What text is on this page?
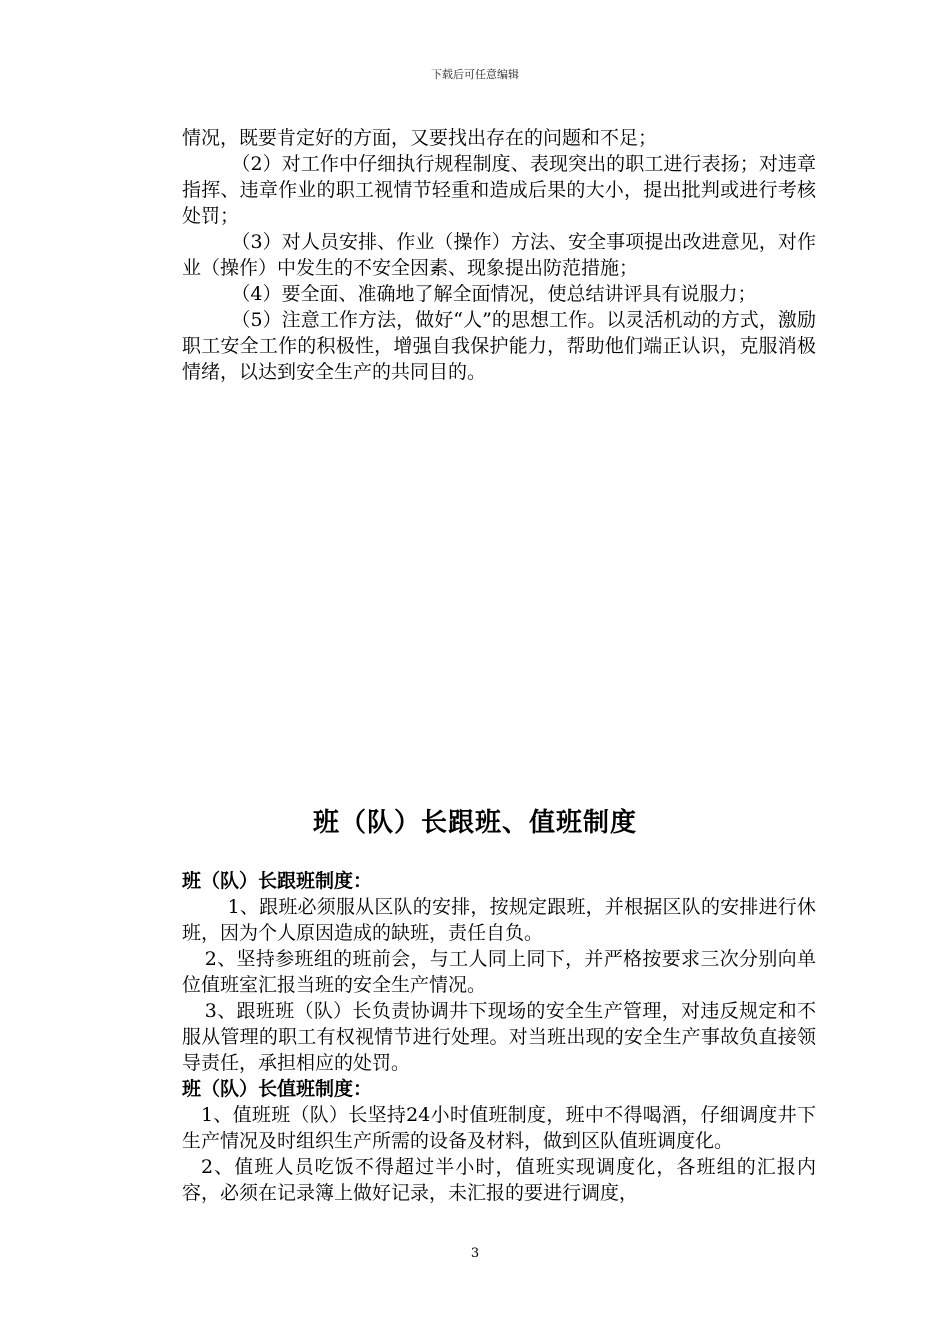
下载后可任意编辑

情况，既要肯定好的方面，又要找出存在的问题和不足；

（2）对工作中仔细执行规程制度、表现突出的职工进行表扬；对违章指挥、违章作业的职工视情节轻重和造成后果的大小，提出批判或进行考核处罚；

（3）对人员安排、作业（操作）方法、安全事项提出改进意见，对作业（操作）中发生的不安全因素、现象提出防范措施；

（4）要全面、准确地了解全面情况，使总结讲评具有说服力；

（5）注意工作方法，做好“人”的思想工作。以灵活机动的方式，激励职工安全工作的积极性，增强自我保护能力，帮助他们端正认识，克服消极情绪，以达到安全生产的共同目的。

班（队）长跟班、值班制度

班（队）长跟班制度：

1、跟班必须服从区队的安排，按规定跟班，并根据区队的安排进行休班，因为个人原因造成的缺班，责任自负。

2、坚持参班组的班前会，与工人同上同下，并严格按要求三次分别向单位值班室汇报当班的安全生产情况。

3、跟班班（队）长负责协调井下现场的安全生产管理，对违反规定和不服从管理的职工有权视情节进行处理。对当班出现的安全生产事故负直接领导责任，承担相应的处罚。

班（队）长值班制度：

1、值班班（队）长坚持24小时值班制度，班中不得喝酒，仔细调度井下生产情况及时组织生产所需的设备及材料，做到区队值班调度化。

2、值班人员吃饭不得超过半小时，值班实现调度化，各班组的汇报内容，必须在记录簿上做好记录，未汇报的要进行调度，

3
